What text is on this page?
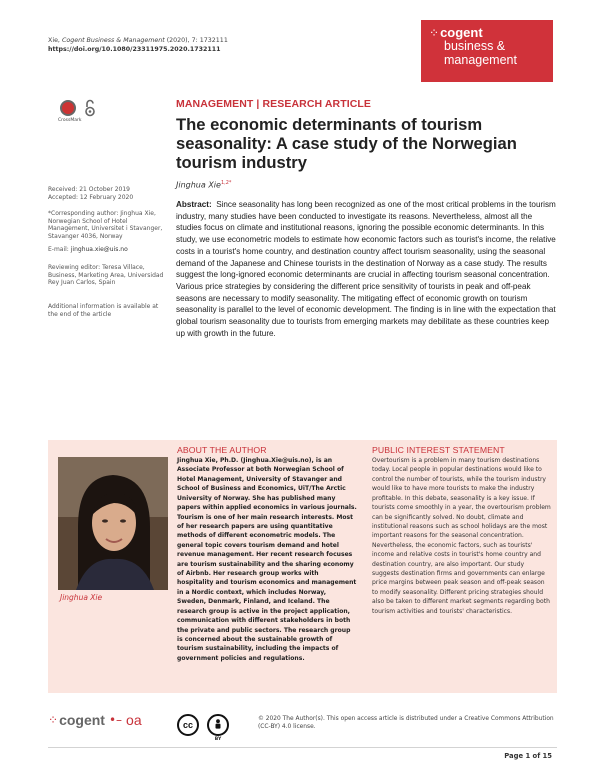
Xie, Cogent Business & Management (2020), 7: 1732111
https://doi.org/10.1080/23311975.2020.1732111
⁘ cogent
business &
management
CrossMark
Received: 21 October 2019
Accepted: 12 February 2020

*Corresponding author: Jinghua Xie, Norwegian School of Hotel Management, Universitet i Stavanger, Stavanger 4036, Norway

E-mail: jinghua.xie@uis.no

Reviewing editor: Teresa Villace, Business, Marketing Area, Universidad Rey Juan Carlos, Spain

Additional information is available at the end of the article

MANAGEMENT | RESEARCH ARTICLE
The economic determinants of tourism seasonality: A case study of the Norwegian tourism industry
Jinghua Xie$^{1,2*}$
Abstract: Since seasonality has long been recognized as one of the most critical problems in the tourism industry, many studies have been conducted to investigate its reasons. Nevertheless, almost all the studies focus on climate and institutional reasons, ignoring the possible economic determinants. In this study, we use econometric models to estimate how economic factors such as tourist's income, the relative costs in a tourist's home country, and destination country affect tourism seasonality, using the seasonal demand of the Japanese and Chinese tourists in the destination of Norway as a case study. The results suggest the long-ignored economic determinants are crucial in affecting tourism seasonal concentration. Various price strategies by considering the different price sensitivity of tourists in peak and off-peak seasons are necessary to modify seasonality. The mitigating effect of economic growth on tourism seasonality is parallel to the level of economic development. The finding is in line with the expectation that global tourism seasonality due to tourists from emerging markets may debilitate as these countries keep up with growth in the future.
Jinghua Xie
ABOUT THE AUTHOR
Jinghua Xie, Ph.D. (Jinghua.Xie@uis.no), is an Associate Professor at both Norwegian School of Hotel Management, University of Stavanger and School of Business and Economics, UiT/The Arctic University of Norway. She has published many papers within applied economics in various journals. Tourism is one of her main research interests. Most of her research papers are using quantitative methods of different econometric models. The general topic covers tourism demand and hotel revenue management. Her recent research focuses are tourism sustainability and the sharing economy of Airbnb. Her research group works with hospitality and tourism economics and management in a Nordic context, which includes Norway, Sweden, Denmark, Finland, and Iceland. The research group is active in the project application, communication with different stakeholders in both the private and public sectors. The research group is concerned about the sustainable growth of tourism sustainability, including the impacts of government policies and regulations.
PUBLIC INTEREST STATEMENT
Overtourism is a problem in many tourism destinations today. Local people in popular destinations would like to control the number of tourists, while the tourism industry would like to have more tourists to make the industry profitable. In this debate, seasonality is a key issue. If tourists come smoothly in a year, the overtourism problem can be significantly solved. No doubt, climate and institutional reasons such as school holidays are the most important reasons for the seasonal concentration. Nevertheless, the economic factors, such as tourists' income and relative costs in tourist's home country and destination country, are also important. Our study suggests destination firms and governments can enlarge price margins between peak season and off-peak season to modify seasonality. Different pricing strategies should also be taken to different market segments regarding both tourism activities and tourists' characteristics.
⁘ cogent •– oa	cc
BY
© 2020 The Author(s). This open access article is distributed under a Creative Commons Attribution (CC-BY) 4.0 license.
Page 1 of 15
